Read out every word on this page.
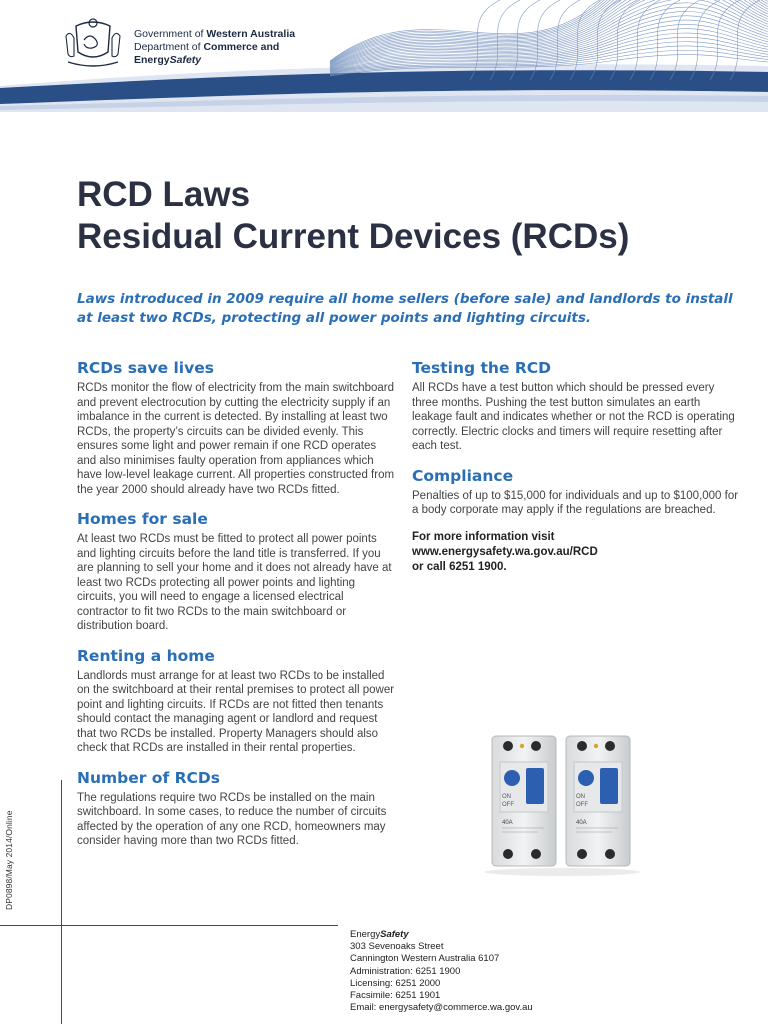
Government of Western Australia
Department of Commerce and
EnergySafety
RCD Laws
Residual Current Devices (RCDs)

Laws introduced in 2009 require all home sellers (before sale) and landlords to install at least two RCDs, protecting all power points and lighting circuits.

RCDs save lives

RCDs monitor the flow of electricity from the main switchboard and prevent electrocution by cutting the electricity supply if an imbalance in the current is detected. By installing at least two RCDs, the property’s circuits can be divided evenly. This ensures some light and power remain if one RCD operates and also minimises faulty operation from appliances which have low-level leakage current. All properties constructed from the year 2000 should already have two RCDs fitted.

Homes for sale

At least two RCDs must be fitted to protect all power points and lighting circuits before the land title is transferred. If you are planning to sell your home and it does not already have at least two RCDs protecting all power points and lighting circuits, you will need to engage a licensed electrical contractor to fit two RCDs to the main switchboard or distribution board.

Renting a home

Landlords must arrange for at least two RCDs to be installed on the switchboard at their rental premises to protect all power point and lighting circuits. If RCDs are not fitted then tenants should contact the managing agent or landlord and request that two RCDs be installed. Property Managers should also check that RCDs are installed in their rental properties.

Number of RCDs

The regulations require two RCDs be installed on the main switchboard. In some cases, to reduce the number of circuits affected by the operation of any one RCD, homeowners may consider having more than two RCDs fitted.

Testing the RCD

All RCDs have a test button which should be pressed every three months. Pushing the test button simulates an earth leakage fault and indicates whether or not the RCD is operating correctly. Electric clocks and timers will require resetting after each test.

Compliance

Penalties of up to $15,000 for individuals and up to $100,000 for a body corporate may apply if the regulations are breached.

For more information visit
www.energysafety.wa.gov.au/RCD
or call 6251 1900.
ON
OFF
40A
ON
OFF
40A
DP0898/May 2014/Online
EnergySafety
303 Sevenoaks Street
Cannington Western Australia 6107
Administration: 6251 1900
Licensing: 6251 2000
Facsimile: 6251 1901
Email: energysafety@commerce.wa.gov.au
